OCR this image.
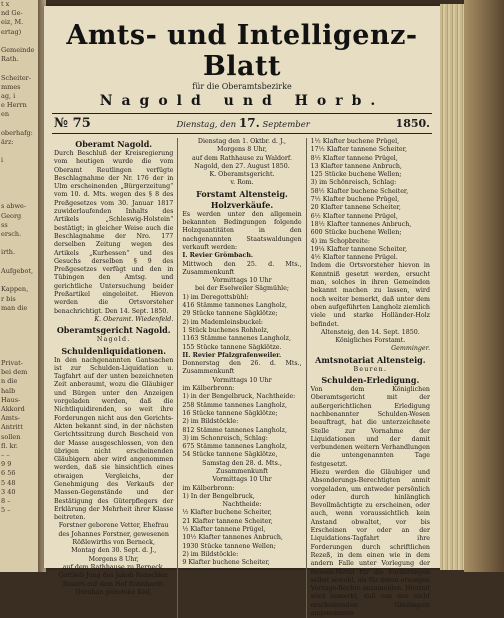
t x
nd Ge-
eiz, M.
ertag)

Gemeinde
Rath.

Scheiter-
mmes
ag, i
e Herrn
en

oberhafg:
ärz:

i

s abwe-
Georg
ss
ersch.

irth.

Aufgebot,

Kappen,
r bis
man die

Privat-
bei dem
n die
halb
Haus-
Akkord
Amts-
Antritt
sollen
fl. kr.
– –
9 9
6 56
5 48
3 40
8 –
5 –
Amts- und Intelligenz-Blatt
für die Oberamtsbezirke
Nagold und Horb.
№ 75	Dienstag, den 17. September	1850.

Oberamt Nagold.

Durch Beschluß der Kreisregierung vom heutigen wurde die vom Oberamt Reutlingen verfügte Beschlagnahme der Nr. 176 der in Ulm erscheinenden „Bürgerzeitung“ vom 10. d. Mts. wegen des § 8 des Preßgesetzes vom 30. Januar 1817 zuwiderlaufenden Inhalts des Artikels „Schleswig-Holstein“ bestätigt; in gleicher Weise auch die Beschlagnahme der Nro. 177 derselben Zeitung wegen des Artikels „Kurhessen“ und des Gesuchs derselben § 9 des Preßgesetzes verfügt und den in Tübingen den Amtsg. und gerichtliche Untersuchung beider Preßartikel eingeleitet. Hievon werden die Ortsvorsteher benachrichtigt. Den 14. Sept. 1850.

K. Oberamt. Wiedenfeld.

Oberamtsgericht Nagold.

Nagold.

Schuldenliquidationen.

In den nachgenannten Gantsachen ist zur Schulden-Liquidation u. Tagfahrt auf der unten bezeichneten Zeit anberaumt, wozu die Gläubiger und Bürgen unter den Anzeigen vorgeladen werden, daß die Nichtliquidirenden, so weit ihre Forderungen nicht aus den Gerichts-Akten bekannt sind, in der nächsten Gerichtssitzung durch Bescheid von der Masse ausgeschlossen, von den übrigen nicht erscheinenden Gläubigern aber wird angenommen werden, daß sie hinsichtlich eines etwaigen Vergleichs, der Genehmigung des Verkaufs der Massen-Gegenstände und der Bestätigung des Güterpflegers der Erklärung der Mehrheit ihrer Klasse beitreten.

Forstner geborene Vetter, Ehefrau des Johannes Forstner, gewesenen Rößlewirths von Berneck,

Montag den 30. Sept. d. J.,

Morgens 8 Uhr,

auf dem Rathhause zu Berneck.

Gottlieb Jung des Jakob Renschler, Bauers auf dem Hof Rohnhardt, Dornhan geborene Kiel,

Dienstag den 1. Oktbr. d. J.,

Morgens 8 Uhr,

auf dem Rathhause zu Waldorf.

Nagold, den 27. August 1850.

K. Oberamtsgericht.

v. Rom.

Forstamt Altensteig.

Holzverkäufe.

Es werden unter den allgemein bekannten Bedingungen folgende Holzquantitäten in den nachgenannten Staatswaldungen verkauft werden:

I. Revier Grömbach.

Mittwoch den 25. d. Mts., Zusammenkunft

Vormittags 10 Uhr

bei der Eselweiler Sägmühle;

1) im Deregottsbühl:

416 Stämme tannenes Langholz,

29 Stücke tannene Sägklötze;

2) im Mademleinsbuckel:

1 Stück buchenes Rohholz,

1163 Stämme tannenes Langholz,

155 Stücke tannene Sägklötze.

II. Revier Pfalzgrafenweiler.

Donnerstag den 26. d. Mts., Zusammenkunft

Vormittags 10 Uhr

im Kälberbronn:

1) in der Bengelbruck, Nachtheide:

258 Stämme tannenes Langholz,

16 Stücke tannene Sägklötze;

2) im Bildstöckle:

812 Stämme tannenes Langholz,

3) im Schonreisch, Schlag:

675 Stämme tannenes Langholz,

54 Stücke tannene Sägklötze,

Samstag den 28. d. Mts.,

Zusammenkunft

Vormittags 10 Uhr

im Kälberbronn:

1) In der Bengelbruck,

Nachtheide:

½ Klafter buchene Scheiter,

21 Klafter tannene Scheiter,

½ Klafter tannene Prügel,

10½ Klafter tannenes Anbruch,

1930 Stücke tannene Wellen;

2) im Bildstöckle:

9 Klafter buchene Scheiter,

1½ Klafter buchene Prügel,

17½ Klafter tannene Scheiter,

8½ Klafter tannene Prügel,

13 Klafter tannene Anbruch,

125 Stücke buchene Wellen;

3) im Schönreisch, Schlag:

58½ Klafter buchene Scheiter,

7½ Klafter buchene Prügel,

20 Klafter tannene Scheiter,

6½ Klafter tannene Prügel,

18½ Klafter tannenes Anbruch,

600 Stücke buchene Wellen;

4) im Schopbreite:

19¼ Klafter tannene Scheiter,

4½ Klafter tannene Prügel.

Indem die Ortsvorsteher hievon in Kenntniß gesetzt werden, ersucht man, solches in ihren Gemeinden bekannt machen zu lassen, wird noch weiter bemerkt, daß unter dem oben aufgeführten Langholz ziemlich viele und starke Holländer-Holz befindet.

Altensteig, den 14. Sept. 1850.

Königliches Forstamt.

Gemminger.

Amtsnotariat Altensteig.

Beuren.

Schulden-Erledigung.

Von dem Königlichen Oberamtsgericht mit der außergerichtlichen Erledigung nachbenannter Schulden-Wesen beauftragt, hat die unterzeichnete Stelle zur Vornahme der Liquidationen und der damit verbundenen weitern Verhandlungen die untengenannten Tage festgesetzt.

Hiezu werden die Gläubiger und Absonderungs-Berechtigten anmit vorgeladen, um entweder persönlich oder durch hinlänglich Bevollmächtigte zu erscheinen, oder auch, wenn voraussichtlich kein Anstand obwaltet, vor bis Erscheinen vor oder an der Liquidations-Tagfahrt ihre Forderungen durch schriftlichen Rezeß, in dem einen wie in dem andern Falle unter Vorlegung der Beweis-Mittel für die Forderungen selbst sowohl, als für deren etwaigen Vorzugs-Rechte anzumelden. Hiermit wird bemerkt, daß von den nicht erscheinenden Gläubigern angenommen
